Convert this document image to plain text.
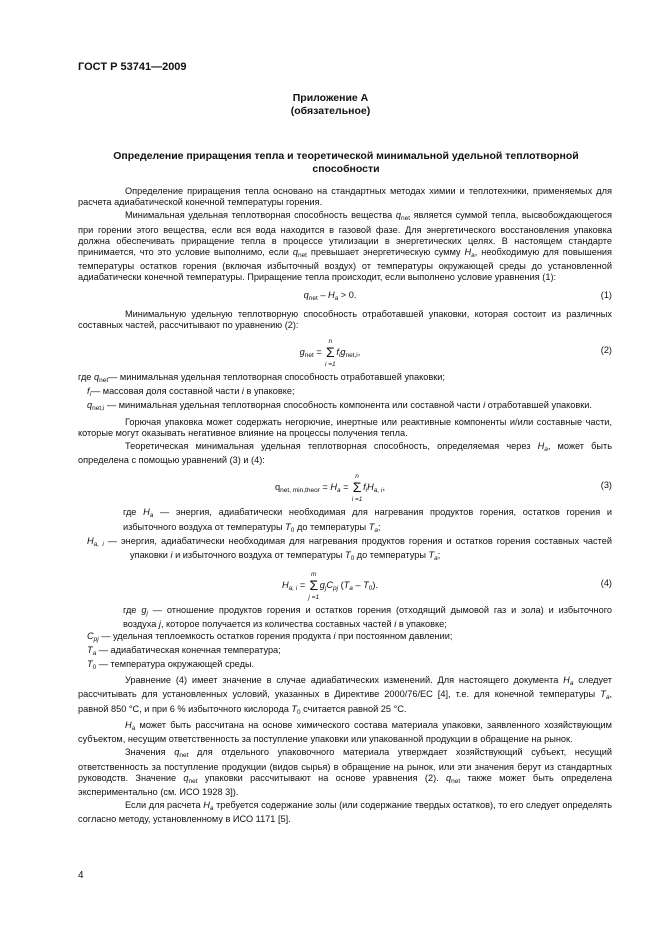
ГОСТ Р 53741—2009
Приложение А
(обязательное)
Определение приращения тепла и теоретической минимальной удельной теплотворной способности

Определение приращения тепла основано на стандартных методах химии и теплотехники, применяемых для расчета адиабатической конечной температуры горения.

Минимальная удельная теплотворная способность вещества $q_{net}$ является суммой тепла, высвобождающегося при горении этого вещества, если вся вода находится в газовой фазе. Для энергетического восстановления упаковка должна обеспечивать приращение тепла в процессе утилизации в энергетических целях. В настоящем стандарте принимается, что это условие выполнимо, если $q_{net}$ превышает энергетическую сумму $H_a$, необходимую для повышения температуры остатков горения (включая избыточный воздух) от температуры окружающей среды до установленной адиабатически конечной температуры. Приращение тепла происходит, если выполнено условие уравнения (1):

$q_{net} - H_a > 0$.	(1)

Минимальную удельную теплотворную способность отработавшей упаковки, которая состоит из различных составных частей, рассчитывают по уравнению (2):

$g_{net}$ =
n
Σ
i =1
$f_ig_{net,i}$,	(2)
где $q_{net}$ — минимальная удельная теплотворная способность отработавшей упаковки;
$f_i$ — массовая доля составной части i в упаковке;
$q_{net,i}$ — минимальная удельная теплотворная способность компонента или составной части i отработавшей упаковки.

Горючая упаковка может содержать негорючие, инертные или реактивные компоненты и/или составные части, которые могут оказывать негативное влияние на процессы получения тепла.

Теоретическая минимальная удельная теплотворная способность, определяемая через $H_a$, может быть определена с помощью уравнений (3) и (4):

$q_{net, min,theor} = H_a$ =
n
Σ
i =1
$f_iH_{a, i}$,	(3)

где $H_a$ — энергия, адиабатически необходимая для нагревания продуктов горения, остатков горения и избыточного воздуха от температуры $T_0$ до температуры $T_a$;

$H_{a, i}$ — энергия, адиабатически необходимая для нагревания продуктов горения и остатков горения составных частей упаковки i и избыточного воздуха от температуры $T_0$ до температуры $T_a$;
$H_{a, i}$ =
m
Σ
j =1
$g_jC_{pj}$ $(T_a - T_0)$.	(4)

где $g_j$ — отношение продуктов горения и остатков горения (отходящий дымовой газ и зола) и избыточного воздуха j, которое получается из количества составных частей i в упаковке;

$C_{pj}$ — удельная теплоемкость остатков горения продукта i при постоянном давлении;
$T_a$ — адиабатическая конечная температура;
$T_0$ — температура окружающей среды.

Уравнение (4) имеет значение в случае адиабатических изменений. Для настоящего документа $H_a$ следует рассчитывать для установленных условий, указанных в Директиве 2000/76/ЕС [4], т.е. для конечной температуры $T_a$, равной 850 °С, и при 6 % избыточного кислорода $T_0$ считается равной 25 °С.

$H_a$ может быть рассчитана на основе химического состава материала упаковки, заявленного хозяйствующим субъектом, несущим ответственность за поступление упаковки или упакованной продукции в обращение на рынок.

Значения $q_{net}$ для отдельного упаковочного материала утверждает хозяйствующий субъект, несущий ответственность за поступление продукции (видов сырья) в обращение на рынок, или эти значения берут из стандартных руководств. Значение $q_{net}$ упаковки рассчитывают на основе уравнения (2). $q_{net}$ также может быть определена экспериментально (см. ИСО 1928 3]).

Если для расчета $H_a$ требуется содержание золы (или содержание твердых остатков), то его следует определять согласно методу, установленному в ИСО 1171 [5].

4
